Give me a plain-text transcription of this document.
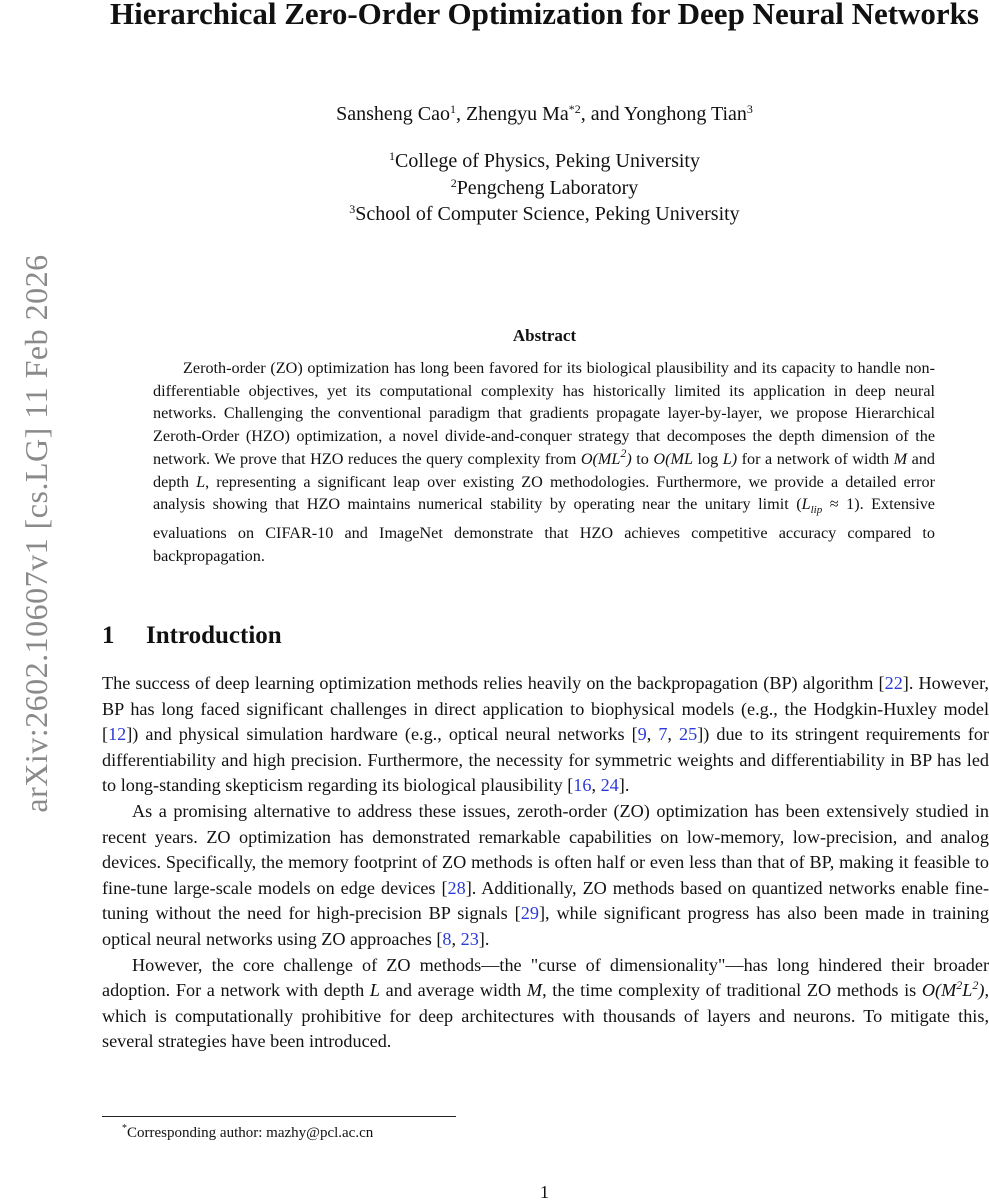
arXiv:2602.10607v1 [cs.LG] 11 Feb 2026
Hierarchical Zero-Order Optimization for Deep Neural Networks
Sansheng Cao$^1$, Zhengyu Ma$^{*2}$, and Yonghong Tian$^3$
$^1$College of Physics, Peking University
$^2$Pengcheng Laboratory
$^3$School of Computer Science, Peking University
Abstract

Zeroth-order (ZO) optimization has long been favored for its biological plausibility and its capacity to handle non-differentiable objectives, yet its computational complexity has historically limited its application in deep neural networks. Challenging the conventional paradigm that gradients propagate layer-by-layer, we propose Hierarchical Zeroth-Order (HZO) optimization, a novel divide-and-conquer strategy that decomposes the depth dimension of the network. We prove that HZO reduces the query complexity from $O(ML^2)$ to O(ML log L) for a network of width M and depth L, representing a significant leap over existing ZO methodologies. Furthermore, we provide a detailed error analysis showing that HZO maintains numerical stability by operating near the unitary limit $(L_{lip} \approx 1)$. Extensive evaluations on CIFAR-10 and ImageNet demonstrate that HZO achieves competitive accuracy compared to backpropagation.

1 Introduction

The success of deep learning optimization methods relies heavily on the backpropagation (BP) algorithm [22]. However, BP has long faced significant challenges in direct application to biophysical models (e.g., the Hodgkin-Huxley model [12]) and physical simulation hardware (e.g., optical neural networks [9, 7, 25]) due to its stringent requirements for differentiability and high precision. Furthermore, the necessity for symmetric weights and differentiability in BP has led to long-standing skepticism regarding its biological plausibility [16, 24].

As a promising alternative to address these issues, zeroth-order (ZO) optimization has been extensively studied in recent years. ZO optimization has demonstrated remarkable capabilities on low-memory, low-precision, and analog devices. Specifically, the memory footprint of ZO methods is often half or even less than that of BP, making it feasible to fine-tune large-scale models on edge devices [28]. Additionally, ZO methods based on quantized networks enable fine-tuning without the need for high-precision BP signals [29], while significant progress has also been made in training optical neural networks using ZO approaches [8, 23].

However, the core challenge of ZO methods—the "curse of dimensionality"—has long hindered their broader adoption. For a network with depth L and average width M, the time complexity of traditional ZO methods is $O(M^2L^2)$, which is computationally prohibitive for deep architectures with thousands of layers and neurons. To mitigate this, several strategies have been introduced.

*Corresponding author: mazhy@pcl.ac.cn
1
